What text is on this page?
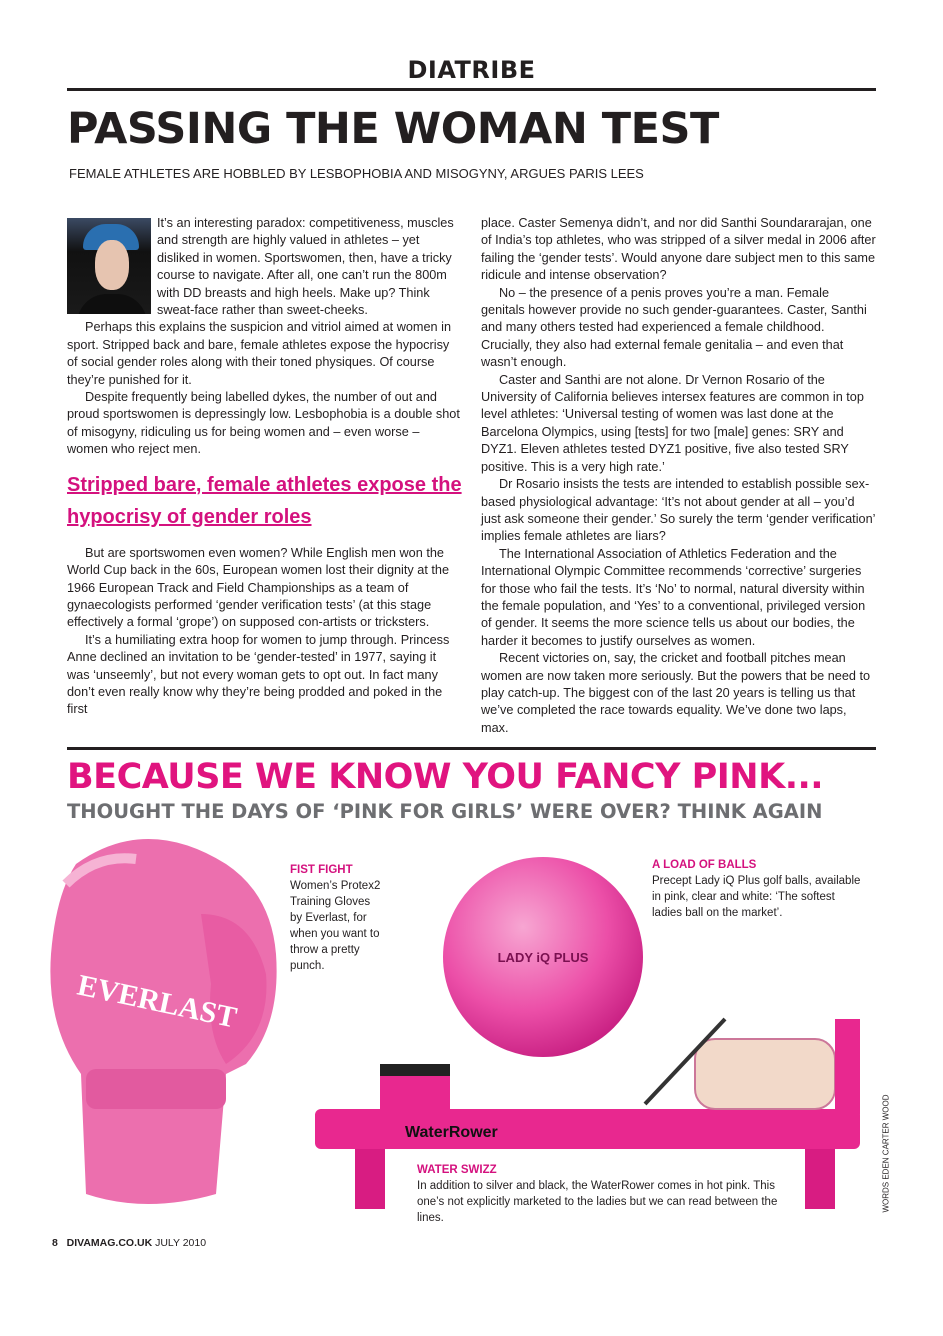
DIATRIBE
PASSING THE WOMAN TEST
FEMALE ATHLETES ARE HOBBLED BY LESBOPHOBIA AND MISOGYNY, ARGUES PARIS LEES

It’s an interesting paradox: competitiveness, muscles and strength are highly valued in athletes – yet disliked in women. Sportswomen, then, have a tricky course to navigate. After all, one can’t run the 800m with DD breasts and high heels. Make up? Think sweat-face rather than sweet-cheeks.

Perhaps this explains the suspicion and vitriol aimed at women in sport. Stripped back and bare, female athletes expose the hypocrisy of social gender roles along with their toned physiques. Of course they’re punished for it.

Despite frequently being labelled dykes, the number of out and proud sportswomen is depressingly low. Lesbophobia is a double shot of misogyny, ridiculing us for being women and – even worse – women who reject men.

Stripped bare, female athletes expose the hypocrisy of gender roles

But are sportswomen even women? While English men won the World Cup back in the 60s, European women lost their dignity at the 1966 European Track and Field Championships as a team of gynaecologists performed ‘gender verification tests’ (at this stage effectively a formal ‘grope’) on supposed con-artists or tricksters.

It’s a humiliating extra hoop for women to jump through. Princess Anne declined an invitation to be ‘gender-tested’ in 1977, saying it was ‘unseemly’, but not every woman gets to opt out. In fact many don’t even really know why they’re being prodded and poked in the first

place. Caster Semenya didn’t, and nor did Santhi Soundararajan, one of India’s top athletes, who was stripped of a silver medal in 2006 after failing the ‘gender tests’. Would anyone dare subject men to this same ridicule and intense observation?

No – the presence of a penis proves you’re a man. Female genitals however provide no such gender-guarantees. Caster, Santhi and many others tested had experienced a female childhood. Crucially, they also had external female genitalia – and even that wasn’t enough.

Caster and Santhi are not alone. Dr Vernon Rosario of the University of California believes intersex features are common in top level athletes: ‘Universal testing of women was last done at the Barcelona Olympics, using [tests] for two [male] genes: SRY and DYZ1. Eleven athletes tested DYZ1 positive, five also tested SRY positive. This is a very high rate.’

Dr Rosario insists the tests are intended to establish possible sex-based physiological advantage: ‘It’s not about gender at all – you’d just ask someone their gender.’ So surely the term ‘gender verification’ implies female athletes are liars?

The International Association of Athletics Federation and the International Olympic Committee recommends ‘corrective’ surgeries for those who fail the tests. It’s ‘No’ to normal, natural diversity within the female population, and ‘Yes’ to a conventional, privileged version of gender. It seems the more science tells us about our bodies, the harder it becomes to justify ourselves as women.

Recent victories on, say, the cricket and football pitches mean women are now taken more seriously. But the powers that be need to play catch-up. The biggest con of the last 20 years is telling us that we’ve completed the race towards equality. We’ve done two laps, max.

BECAUSE WE KNOW YOU FANCY PINK...
THOUGHT THE DAYS OF ‘PINK FOR GIRLS’ WERE OVER? THINK AGAIN
EVERLAST
FIST FIGHT
Women’s Protex2 Training Gloves by Everlast, for when you want to throw a pretty punch.
LADY iQ PLUS
A LOAD OF BALLS
Precept Lady iQ Plus golf balls, available in pink, clear and white: ‘The softest ladies ball on the market’.
WaterRower
WATER SWIZZ
In addition to silver and black, the WaterRower comes in hot pink. This one’s not explicitly marketed to the ladies but we can read between the lines.
WORDS EDEN CARTER WOOD
8 DIVAMAG.CO.UK JULY 2010
